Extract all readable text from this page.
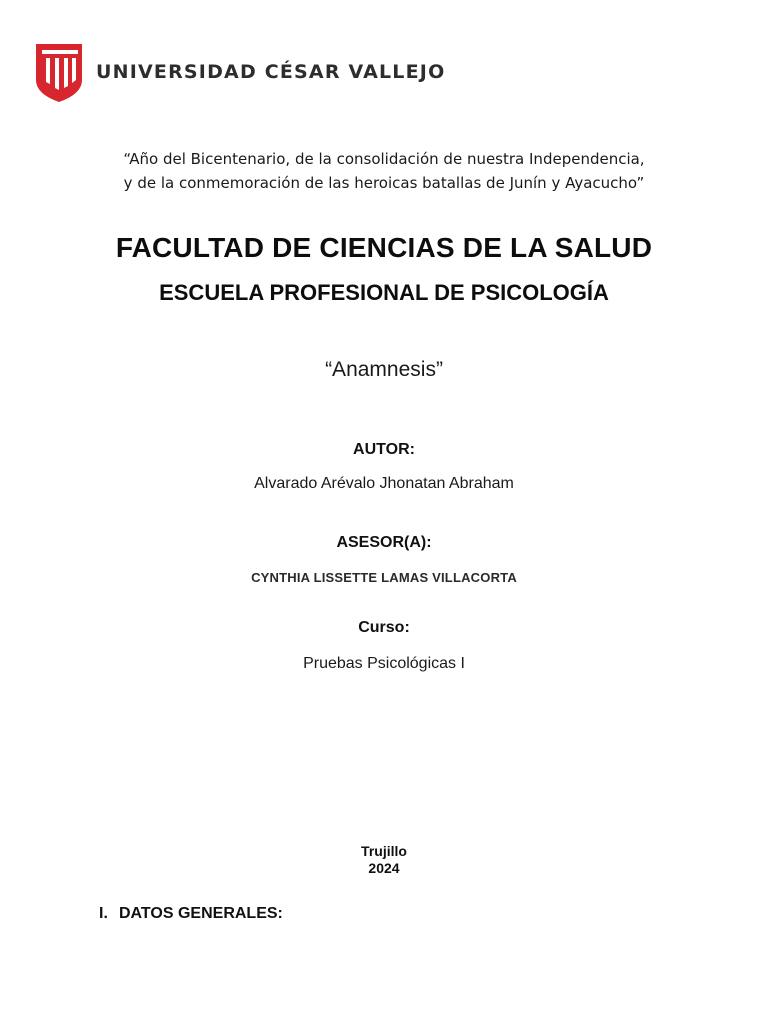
UNIVERSIDAD CÉSAR VALLEJO
“Año del Bicentenario, de la consolidación de nuestra Independencia,
y de la conmemoración de las heroicas batallas de Junín y Ayacucho”
FACULTAD DE CIENCIAS DE LA SALUD
ESCUELA PROFESIONAL DE PSICOLOGÍA
“Anamnesis”
AUTOR:
Alvarado Arévalo Jhonatan Abraham
ASESOR(A):
CYNTHIA LISSETTE LAMAS VILLACORTA
Curso:
Pruebas Psicológicas I
Trujillo
2024
I. DATOS GENERALES:
